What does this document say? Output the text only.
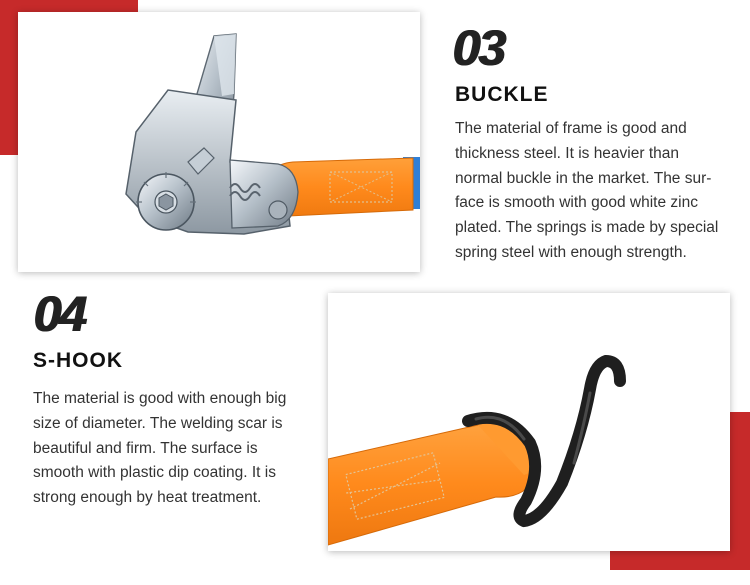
03
BUCKLE

The material of frame is good and thickness steel. It is heavier than normal buckle in the market. The sur-face is smooth with good white zinc plated. The springs is made by special spring steel with enough strength.

04
S-HOOK

The material is good with enough big size of diameter. The welding scar is beautiful and firm. The surface is smooth with plastic dip coating. It is strong enough by heat treatment.
